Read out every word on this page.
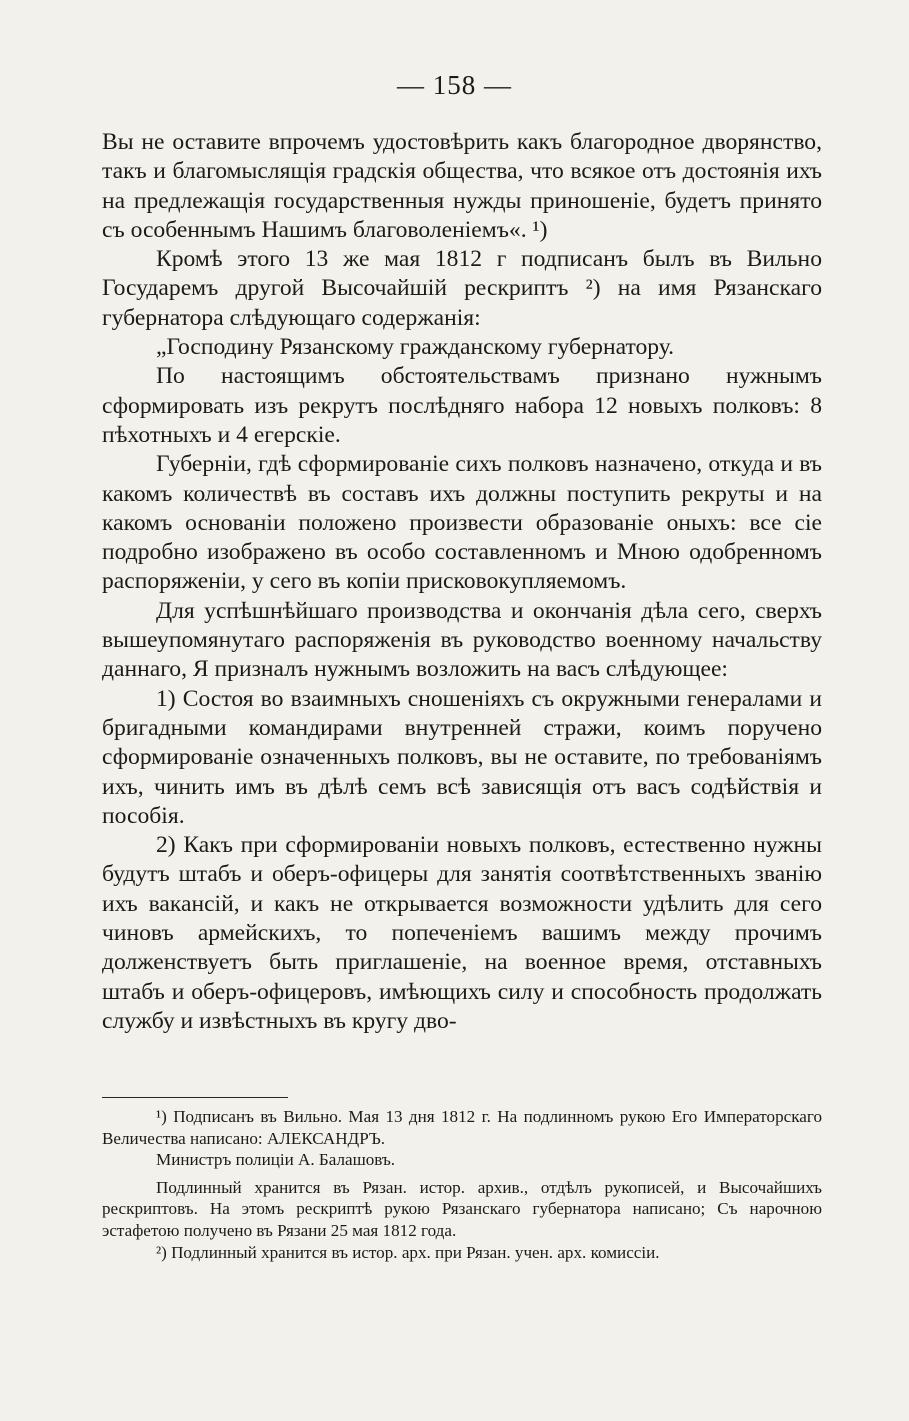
— 158 —

Вы не оставите впрочемъ удостовѣрить какъ благородное дворянство, такъ и благомыслящія градскія общества, что всякое отъ достоянія ихъ на предлежащія государственныя нужды приношеніе, будетъ принято съ особеннымъ Нашимъ благоволеніемъ«. ¹)

Кромѣ этого 13 же мая 1812 г подписанъ былъ въ Вильно Государемъ другой Высочайшій рескриптъ ²) на имя Рязанскаго губернатора слѣдующаго содержанія:

„Господину Рязанскому гражданскому губернатору.

По настоящимъ обстоятельствамъ признано нужнымъ сформировать изъ рекрутъ послѣдняго набора 12 новыхъ полковъ: 8 пѣхотныхъ и 4 егерскіе.

Губерніи, гдѣ сформированіе сихъ полковъ назначено, откуда и въ какомъ количествѣ въ составъ ихъ должны поступить рекруты и на какомъ основаніи положено произвести образованіе оныхъ: все сіе подробно изображено въ особо составленномъ и Мною одобренномъ распоряженіи, у сего въ копіи присковокупляемомъ.

Для успѣшнѣйшаго производства и окончанія дѣла сего, сверхъ вышеупомянутаго распоряженія въ руководство военному начальству даннаго, Я призналъ нужнымъ возложить на васъ слѣдующее:

1) Состоя во взаимныхъ сношеніяхъ съ окружными генералами и бригадными командирами внутренней стражи, коимъ поручено сформированіе означенныхъ полковъ, вы не оставите, по требованіямъ ихъ, чинить имъ въ дѣлѣ семъ всѣ зависящія отъ васъ содѣйствія и пособія.

2) Какъ при сформированіи новыхъ полковъ, естественно нужны будутъ штабъ и оберъ-офицеры для занятія соотвѣтственныхъ званію ихъ вакансій, и какъ не открывается возможности удѣлить для сего чиновъ армейскихъ, то попеченіемъ вашимъ между прочимъ долженствуетъ быть приглашеніе, на военное время, отставныхъ штабъ и оберъ-офицеровъ, имѣющихъ силу и способность продолжать службу и извѣстныхъ въ кругу дво-

¹) Подписанъ въ Вильно. Мая 13 дня 1812 г. На подлинномъ рукою Его Императорскаго Величества написано: АЛЕКСАНДРЪ.

Министръ полиціи А. Балашовъ.

Подлинный хранится въ Рязан. истор. архив., отдѣлъ рукописей, и Высочайшихъ рескриптовъ. На этомъ рескриптѣ рукою Рязанскаго губернатора написано; Съ нарочною эстафетою получено въ Рязани 25 мая 1812 года.

²) Подлинный хранится въ истор. арх. при Рязан. учен. арх. комиссіи.
